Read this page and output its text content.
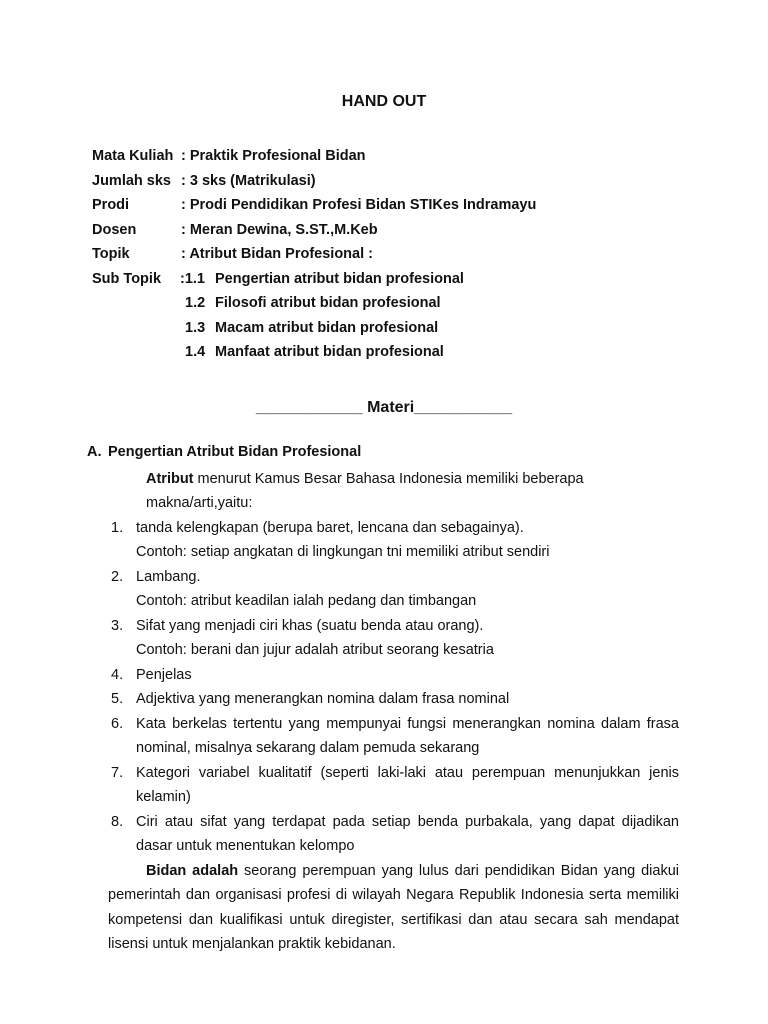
HAND OUT
Mata Kuliah : Praktik Profesional Bidan
Jumlah sks : 3 sks (Matrikulasi)
Prodi	: Prodi Pendidikan Profesi Bidan STIKes Indramayu
Dosen	: Meran Dewina, S.ST.,M.Keb
Topik	: Atribut Bidan Profesional :
Sub Topik :1.1 Pengertian atribut bidan profesional
1.2 Filosofi atribut bidan profesional
1.3 Macam atribut bidan profesional
1.4 Manfaat atribut bidan profesional
____________ Materi___________
A. Pengertian Atribut Bidan Profesional
Atribut menurut Kamus Besar Bahasa Indonesia memiliki beberapa makna/arti,yaitu:
1. tanda kelengkapan (berupa baret, lencana dan sebagainya).
Contoh: setiap angkatan di lingkungan tni memiliki atribut sendiri
2. Lambang.
Contoh: atribut keadilan ialah pedang dan timbangan
3. Sifat yang menjadi ciri khas (suatu benda atau orang).
Contoh: berani dan jujur adalah atribut seorang kesatria
4. Penjelas
5. Adjektiva yang menerangkan nomina dalam frasa nominal
6. Kata berkelas tertentu yang mempunyai fungsi menerangkan nomina dalam frasa nominal, misalnya sekarang dalam pemuda sekarang
7. Kategori variabel kualitatif (seperti laki-laki atau perempuan menunjukkan jenis kelamin)
8. Ciri atau sifat yang terdapat pada setiap benda purbakala, yang dapat dijadikan dasar untuk menentukan kelompo
Bidan adalah seorang perempuan yang lulus dari pendidikan Bidan yang diakui pemerintah dan organisasi profesi di wilayah Negara Republik Indonesia serta memiliki kompetensi dan kualifikasi untuk diregister, sertifikasi dan atau secara sah mendapat lisensi untuk menjalankan praktik kebidanan.
